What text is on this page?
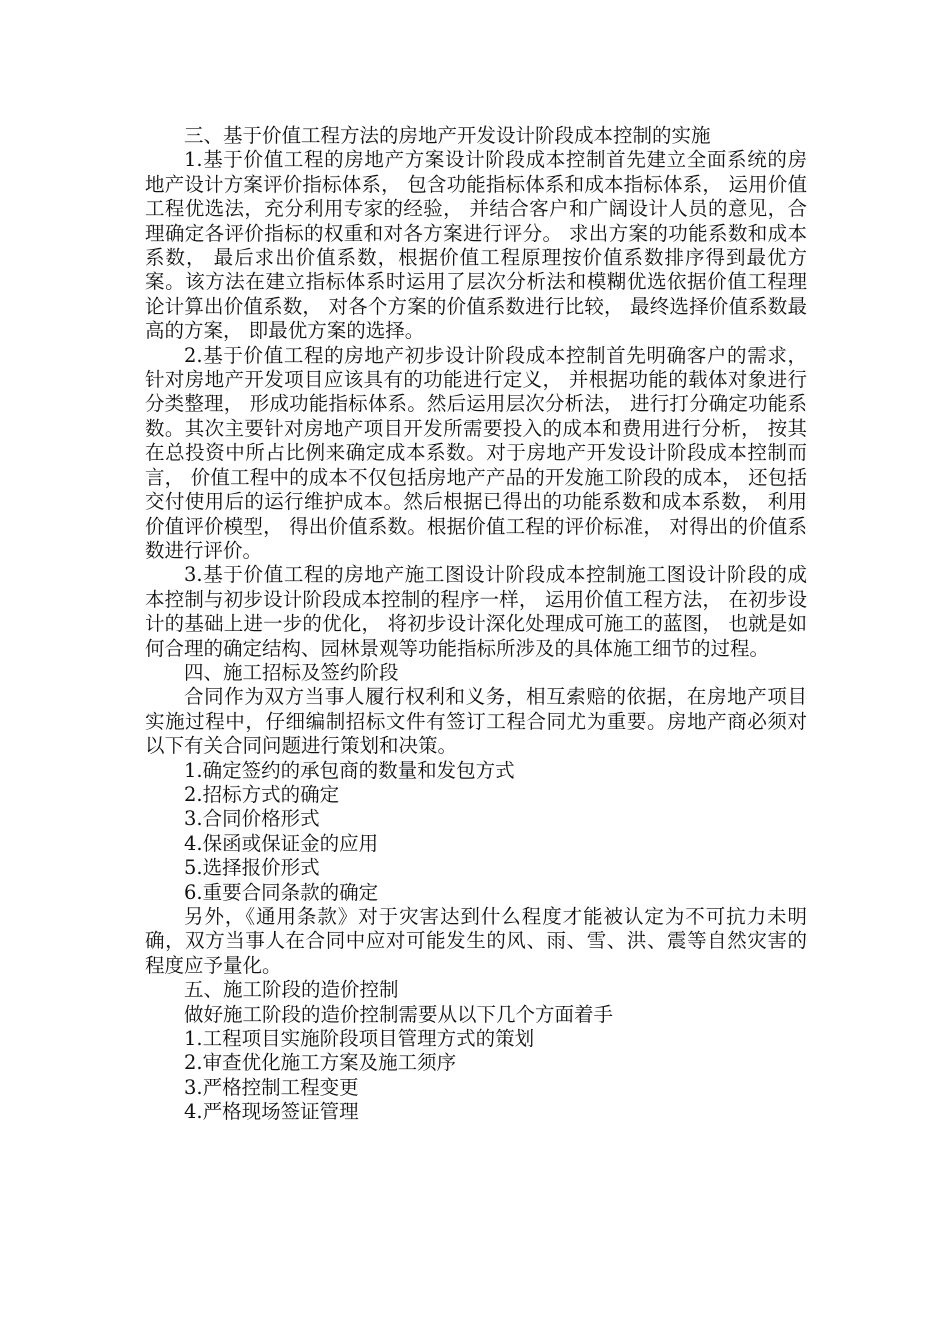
三、基于价值工程方法的房地产开发设计阶段成本控制的实施

1.基于价值工程的房地产方案设计阶段成本控制首先建立全面系统的房地产设计方案评价指标体系， 包含功能指标体系和成本指标体系， 运用价值工程优选法，充分利用专家的经验， 并结合客户和广阔设计人员的意见，合理确定各评价指标的权重和对各方案进行评分。 求出方案的功能系数和成本系数， 最后求出价值系数，根据价值工程原理按价值系数排序得到最优方案。该方法在建立指标体系时运用了层次分析法和模糊优选依据价值工程理论计算出价值系数， 对各个方案的价值系数进行比较， 最终选择价值系数最高的方案， 即最优方案的选择。

2.基于价值工程的房地产初步设计阶段成本控制首先明确客户的需求， 针对房地产开发项目应该具有的功能进行定义， 并根据功能的载体对象进行分类整理， 形成功能指标体系。然后运用层次分析法， 进行打分确定功能系数。其次主要针对房地产项目开发所需要投入的成本和费用进行分析， 按其在总投资中所占比例来确定成本系数。对于房地产开发设计阶段成本控制而言， 价值工程中的成本不仅包括房地产产品的开发施工阶段的成本， 还包括交付使用后的运行维护成本。然后根据已得出的功能系数和成本系数， 利用价值评价模型， 得出价值系数。根据价值工程的评价标准， 对得出的价值系数进行评价。

3.基于价值工程的房地产施工图设计阶段成本控制施工图设计阶段的成本控制与初步设计阶段成本控制的程序一样， 运用价值工程方法， 在初步设计的基础上进一步的优化， 将初步设计深化处理成可施工的蓝图， 也就是如何合理的确定结构、园林景观等功能指标所涉及的具体施工细节的过程。

四、施工招标及签约阶段

合同作为双方当事人履行权利和义务，相互索赔的依据，在房地产项目实施过程中，仔细编制招标文件有签订工程合同尤为重要。房地产商必须对以下有关合同问题进行策划和决策。

1.确定签约的承包商的数量和发包方式

2.招标方式的确定

3.合同价格形式

4.保函或保证金的应用

5.选择报价形式

6.重要合同条款的确定

另外，《通用条款》对于灾害达到什么程度才能被认定为不可抗力未明确，双方当事人在合同中应对可能发生的风、雨、雪、洪、震等自然灾害的程度应予量化。

五、施工阶段的造价控制

做好施工阶段的造价控制需要从以下几个方面着手

1.工程项目实施阶段项目管理方式的策划

2.审查优化施工方案及施工须序

3.严格控制工程变更

4.严格现场签证管理
